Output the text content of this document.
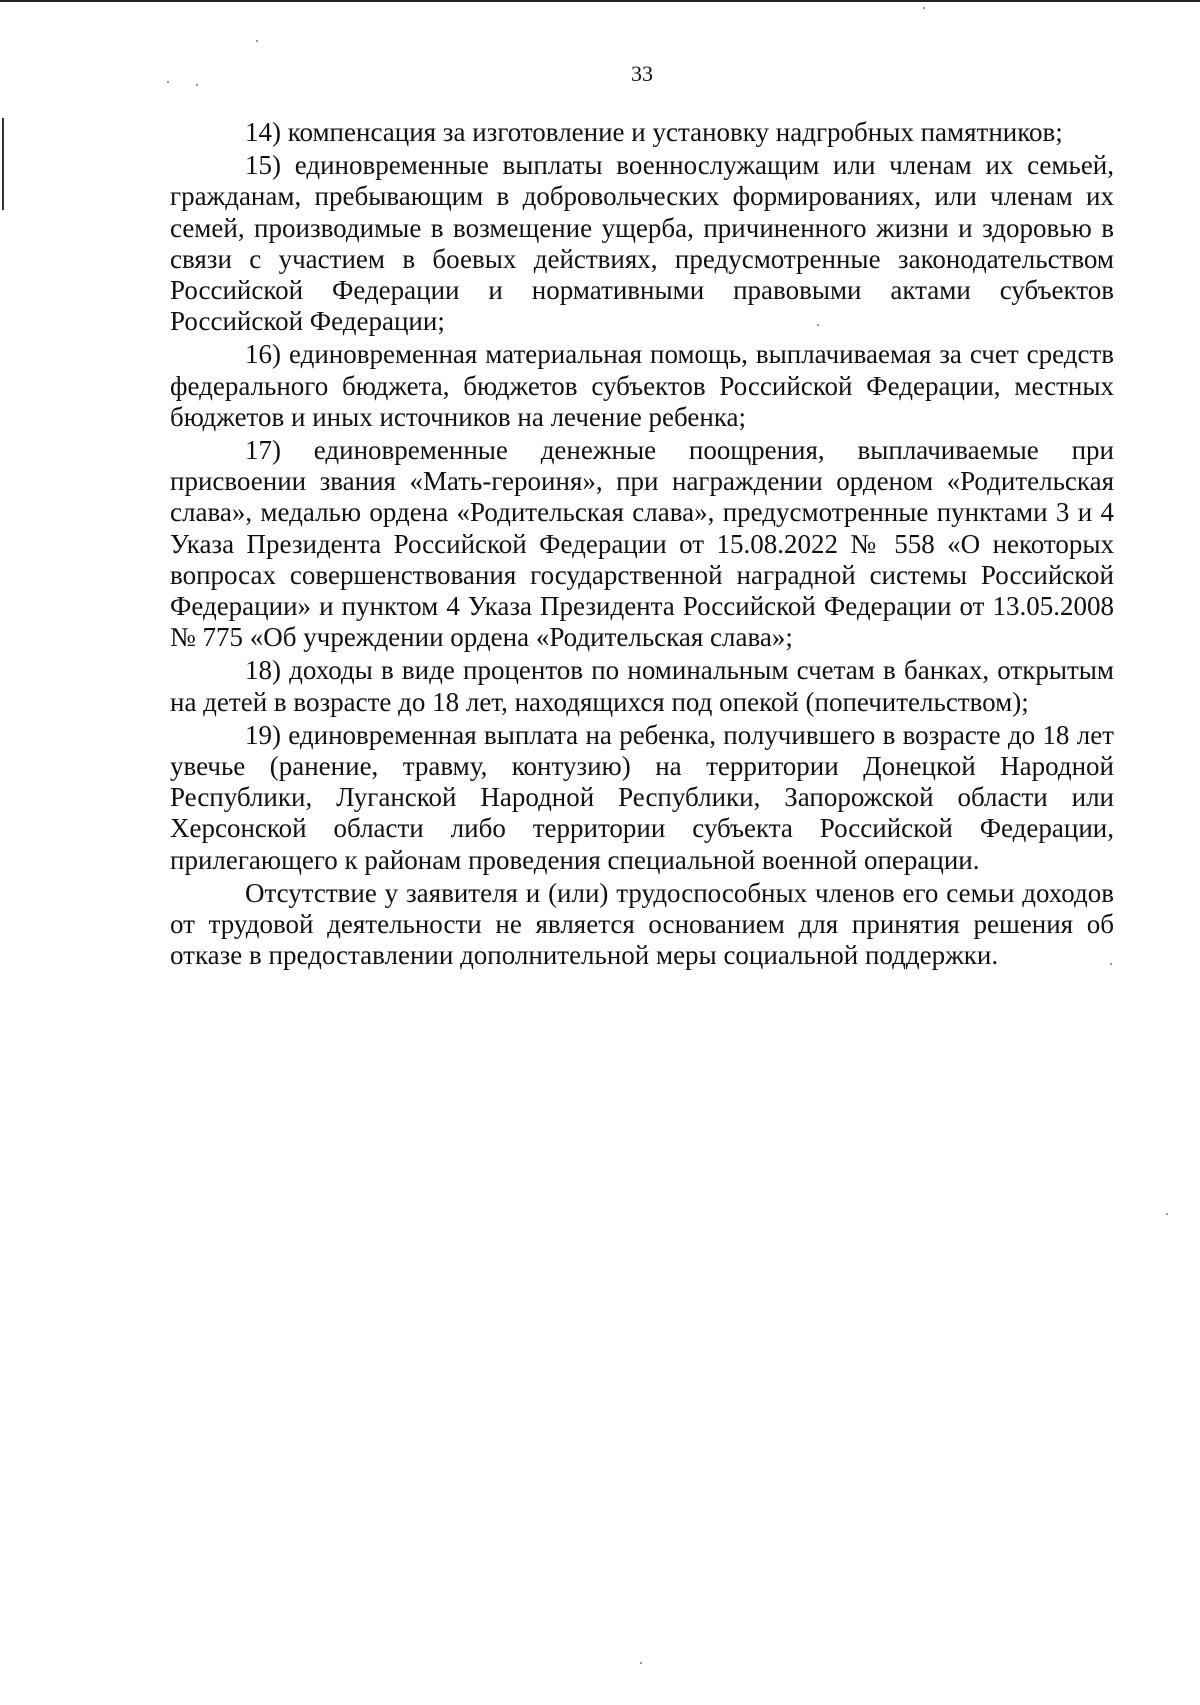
33

14) компенсация за изготовление и установку надгробных памятников;

15) единовременные выплаты военнослужащим или членам их семьей, гражданам, пребывающим в добровольческих формированиях, или членам их семей, производимые в возмещение ущерба, причиненного жизни и здоровью в связи с участием в боевых действиях, предусмотренные законодательством Российской Федерации и нормативными правовыми актами субъектов Российской Федерации;

16) единовременная материальная помощь, выплачиваемая за счет средств федерального бюджета, бюджетов субъектов Российской Федерации, местных бюджетов и иных источников на лечение ребенка;

17) единовременные денежные поощрения, выплачиваемые при присвоении звания «Мать-героиня», при награждении орденом «Родительская слава», медалью ордена «Родительская слава», предусмотренные пунктами 3 и 4 Указа Президента Российской Федерации от 15.08.2022 № 558 «О некоторых вопросах совершенствования государственной наградной системы Российской Федерации» и пунктом 4 Указа Президента Российской Федерации от 13.05.2008 № 775 «Об учреждении ордена «Родительская слава»;

18) доходы в виде процентов по номинальным счетам в банках, открытым на детей в возрасте до 18 лет, находящихся под опекой (попечительством);

19) единовременная выплата на ребенка, получившего в возрасте до 18 лет увечье (ранение, травму, контузию) на территории Донецкой Народной Республики, Луганской Народной Республики, Запорожской области или Херсонской области либо территории субъекта Российской Федерации, прилегающего к районам проведения специальной военной операции.

Отсутствие у заявителя и (или) трудоспособных членов его семьи доходов от трудовой деятельности не является основанием для принятия решения об отказе в предоставлении дополнительной меры социальной поддержки.
